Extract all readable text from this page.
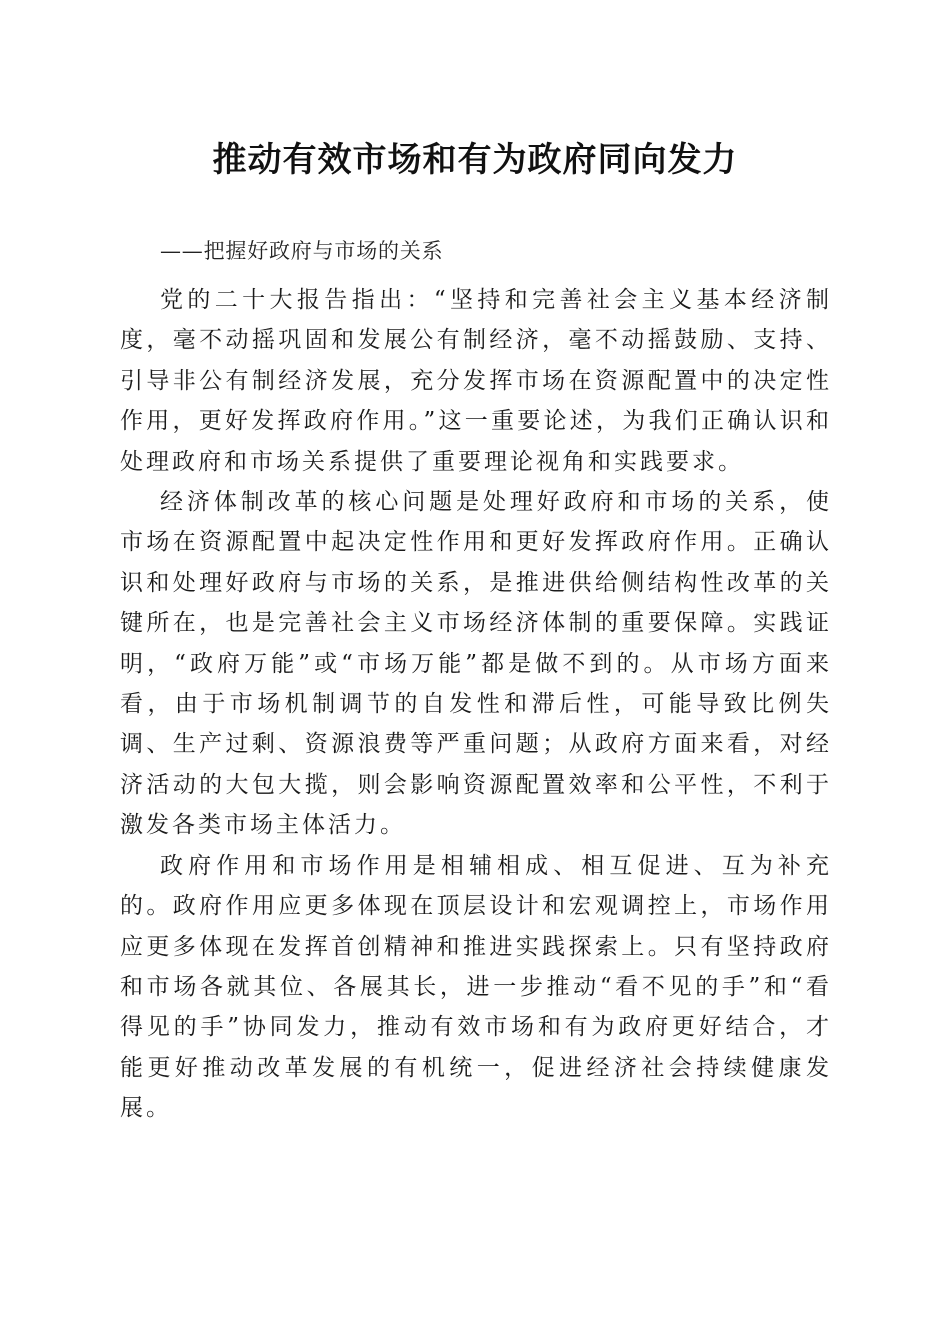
推动有效市场和有为政府同向发力

——把握好政府与市场的关系

党的二十大报告指出：“坚持和完善社会主义基本经济制度，毫不动摇巩固和发展公有制经济，毫不动摇鼓励、支持、引导非公有制经济发展，充分发挥市场在资源配置中的决定性作用，更好发挥政府作用。”这一重要论述，为我们正确认识和处理政府和市场关系提供了重要理论视角和实践要求。

经济体制改革的核心问题是处理好政府和市场的关系，使市场在资源配置中起决定性作用和更好发挥政府作用。正确认识和处理好政府与市场的关系，是推进供给侧结构性改革的关键所在，也是完善社会主义市场经济体制的重要保障。实践证明，“政府万能”或“市场万能”都是做不到的。从市场方面来看，由于市场机制调节的自发性和滞后性，可能导致比例失调、生产过剩、资源浪费等严重问题；从政府方面来看，对经济活动的大包大揽，则会影响资源配置效率和公平性，不利于激发各类市场主体活力。

政府作用和市场作用是相辅相成、相互促进、互为补充的。政府作用应更多体现在顶层设计和宏观调控上，市场作用应更多体现在发挥首创精神和推进实践探索上。只有坚持政府和市场各就其位、各展其长，进一步推动“看不见的手”和“看得见的手”协同发力，推动有效市场和有为政府更好结合，才能更好推动改革发展的有机统一，促进经济社会持续健康发展。
